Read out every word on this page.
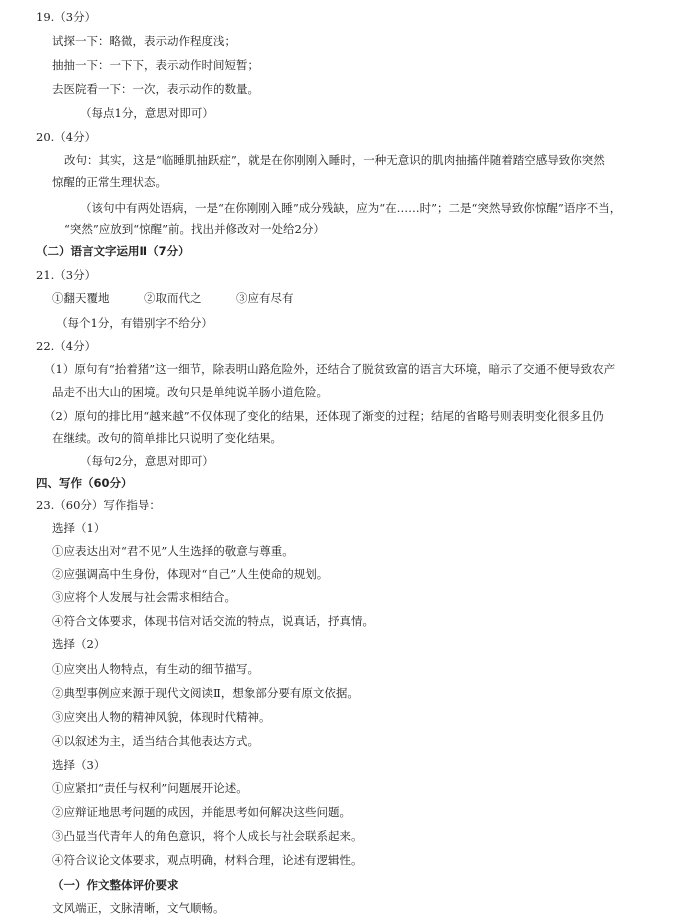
19.（3分）
试探一下：略微，表示动作程度浅；
抽抽一下：一下下，表示动作时间短暂；
去医院看一下：一次，表示动作的数量。
（每点1分，意思对即可）
20.（4分）
改句：其实，这是“临睡肌抽跃症”，就是在你刚刚入睡时，一种无意识的肌肉抽搐伴随着踏空感导致你突然
惊醒的正常生理状态。
（该句中有两处语病，一是“在你刚刚入睡”成分残缺，应为“在……时”；二是“突然导致你惊醒”语序不当，
“突然”应放到“惊醒”前。找出并修改对一处给2分）
（二）语言文字运用Ⅱ（7分）
21.（3分）
①翻天覆地　　　②取而代之　　　③应有尽有
（每个1分，有错别字不给分）
22.（4分）
（1）原句有“抬着猪”这一细节，除表明山路危险外，还结合了脱贫致富的语言大环境，暗示了交通不便导致农产
品走不出大山的困境。改句只是单纯说羊肠小道危险。
（2）原句的排比用“越来越”不仅体现了变化的结果，还体现了渐变的过程；结尾的省略号则表明变化很多且仍
在继续。改句的简单排比只说明了变化结果。
（每句2分，意思对即可）
四、写作（60分）
23.（60分）写作指导：
选择（1）
①应表达出对“君不见”人生选择的敬意与尊重。
②应强调高中生身份，体现对“自己”人生使命的规划。
③应将个人发展与社会需求相结合。
④符合文体要求，体现书信对话交流的特点，说真话，抒真情。
选择（2）
①应突出人物特点，有生动的细节描写。
②典型事例应来源于现代文阅读Ⅱ，想象部分要有原文依据。
③应突出人物的精神风貌，体现时代精神。
④以叙述为主，适当结合其他表达方式。
选择（3）
①应紧扣“责任与权利”问题展开论述。
②应辩证地思考问题的成因，并能思考如何解决这些问题。
③凸显当代青年人的角色意识，将个人成长与社会联系起来。
④符合议论文体要求，观点明确，材料合理，论述有逻辑性。
（一）作文整体评价要求
文风端正，文脉清晰，文气顺畅。
